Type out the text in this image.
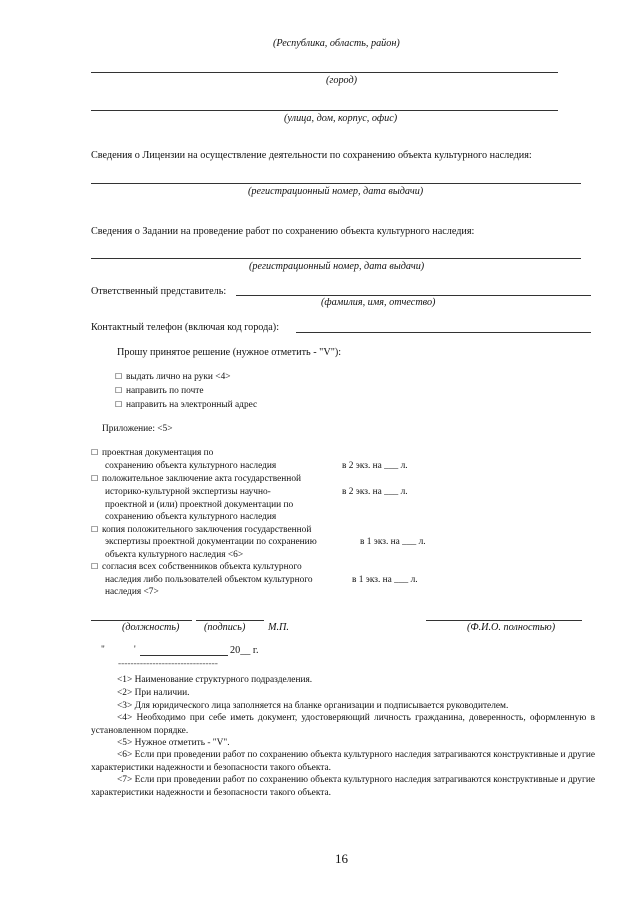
(Республика, область, район)
(город)
(улица, дом, корпус, офис)
Сведения о Лицензии на осуществление деятельности по сохранению объекта культурного наследия:
(регистрационный номер, дата выдачи)
Сведения о Задании на проведение работ по сохранению объекта культурного наследия:
(регистрационный номер, дата выдачи)
Ответственный представитель:
(фамилия, имя, отчество)
Контактный телефон (включая код города):
Прошу принятое решение (нужное отметить - "V"):
☐ выдать лично на руки <4>
☐ направить по почте
☐ направить на электронный адрес
Приложение: <5>
☐ проектная документация по
сохранению объекта культурного наследия	в 2 экз. на ___ л.
☐ положительное заключение акта государственной
историко-культурной экспертизы научно-	в 2 экз. на ___ л.
проектной и (или) проектной документации по
сохранению объекта культурного наследия
☐ копия положительного заключения государственной
экспертизы проектной документации по сохранению	в 1 экз. на ___ л.
объекта культурного наследия <6>
☐ согласия всех собственников объекта культурного
наследия либо пользователей объектом культурного	в 1 экз. на ___ л.
наследия <7>
(должность) (подпись) М.П.	(Ф.И.О. полностью)
"	'	20__ г.
--------------------------------
<1> Наименование структурного подразделения.
<2> При наличии.
<3> Для юридического лица заполняется на бланке организации и подписывается руководителем.
<4> Необходимо при себе иметь документ, удостоверяющий личность гражданина, доверенность, оформленную в установленном порядке.
<5> Нужное отметить - "V".
<6> Если при проведении работ по сохранению объекта культурного наследия затрагиваются конструктивные и другие характеристики надежности и безопасности такого объекта.
<7> Если при проведении работ по сохранению объекта культурного наследия затрагиваются конструктивные и другие характеристики надежности и безопасности такого объекта.
16
